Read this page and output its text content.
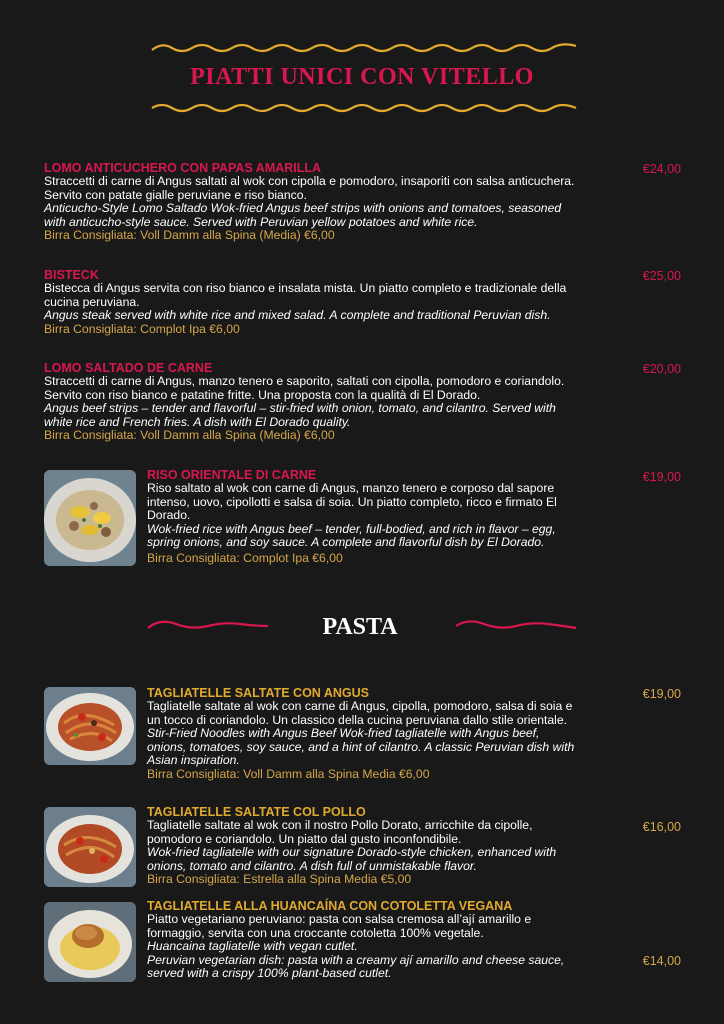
PIATTI UNICI CON VITELLO
LOMO ANTICUCHERO CON PAPAS AMARILLA
Straccetti di carne di Angus saltati al wok con cipolla e pomodoro, insaporiti con salsa anticuchera. Servito con patate gialle peruviane e riso bianco.
Anticucho-Style Lomo Saltado Wok-fried Angus beef strips with onions and tomatoes, seasoned with anticucho-style sauce. Served with Peruvian yellow potatoes and white rice.
Birra Consigliata: Voll Damm alla Spina (Media) €6,00
€24,00
BISTECK
Bistecca di Angus servita con riso bianco e insalata mista. Un piatto completo e tradizionale della cucina peruviana.
Angus steak served with white rice and mixed salad. A complete and traditional Peruvian dish.
Birra Consigliata: Complot Ipa €6,00
€25,00
LOMO SALTADO DE CARNE
Straccetti di carne di Angus, manzo tenero e saporito, saltati con cipolla, pomodoro e coriandolo. Servito con riso bianco e patatine fritte. Una proposta con la qualità di El Dorado.
Angus beef strips – tender and flavorful – stir-fried with onion, tomato, and cilantro. Served with white rice and French fries. A dish with El Dorado quality.
Birra Consigliata: Voll Damm alla Spina (Media) €6,00
€20,00
RISO ORIENTALE DI CARNE
Riso saltato al wok con carne di Angus, manzo tenero e corposo dal sapore intenso, uovo, cipollotti e salsa di soia. Un piatto completo, ricco e firmato El Dorado.
Wok-fried rice with Angus beef – tender, full-bodied, and rich in flavor – egg, spring onions, and soy sauce. A complete and flavorful dish by El Dorado.
Birra Consigliata: Complot Ipa €6,00
€19,00
PASTA
TAGLIATELLE SALTATE CON ANGUS
Tagliatelle saltate al wok con carne di Angus, cipolla, pomodoro, salsa di soia e un tocco di coriandolo. Un classico della cucina peruviana dallo stile orientale.
Stir-Fried Noodles with Angus Beef Wok-fried tagliatelle with Angus beef, onions, tomatoes, soy sauce, and a hint of cilantro. A classic Peruvian dish with Asian inspiration.
Birra Consigliata: Voll Damm alla Spina Media €6,00
€19,00
TAGLIATELLE SALTATE COL POLLO
Tagliatelle saltate al wok con il nostro Pollo Dorato, arricchite da cipolle, pomodoro e coriandolo. Un piatto dal gusto inconfondibile.
Wok-fried tagliatelle with our signature Dorado-style chicken, enhanced with onions, tomato and cilantro. A dish full of unmistakable flavor.
Birra Consigliata: Estrella alla Spina Media €5,00
€16,00
TAGLIATELLE ALLA HUANCAÍNA CON COTOLETTA VEGANA
Piatto vegetariano peruviano: pasta con salsa cremosa all’ají amarillo e formaggio, servita con una croccante cotoletta 100% vegetale.
Huancaina tagliatelle with vegan cutlet.
Peruvian vegetarian dish: pasta with a creamy ají amarillo and cheese sauce, served with a crispy 100% plant-based cutlet.
€14,00
